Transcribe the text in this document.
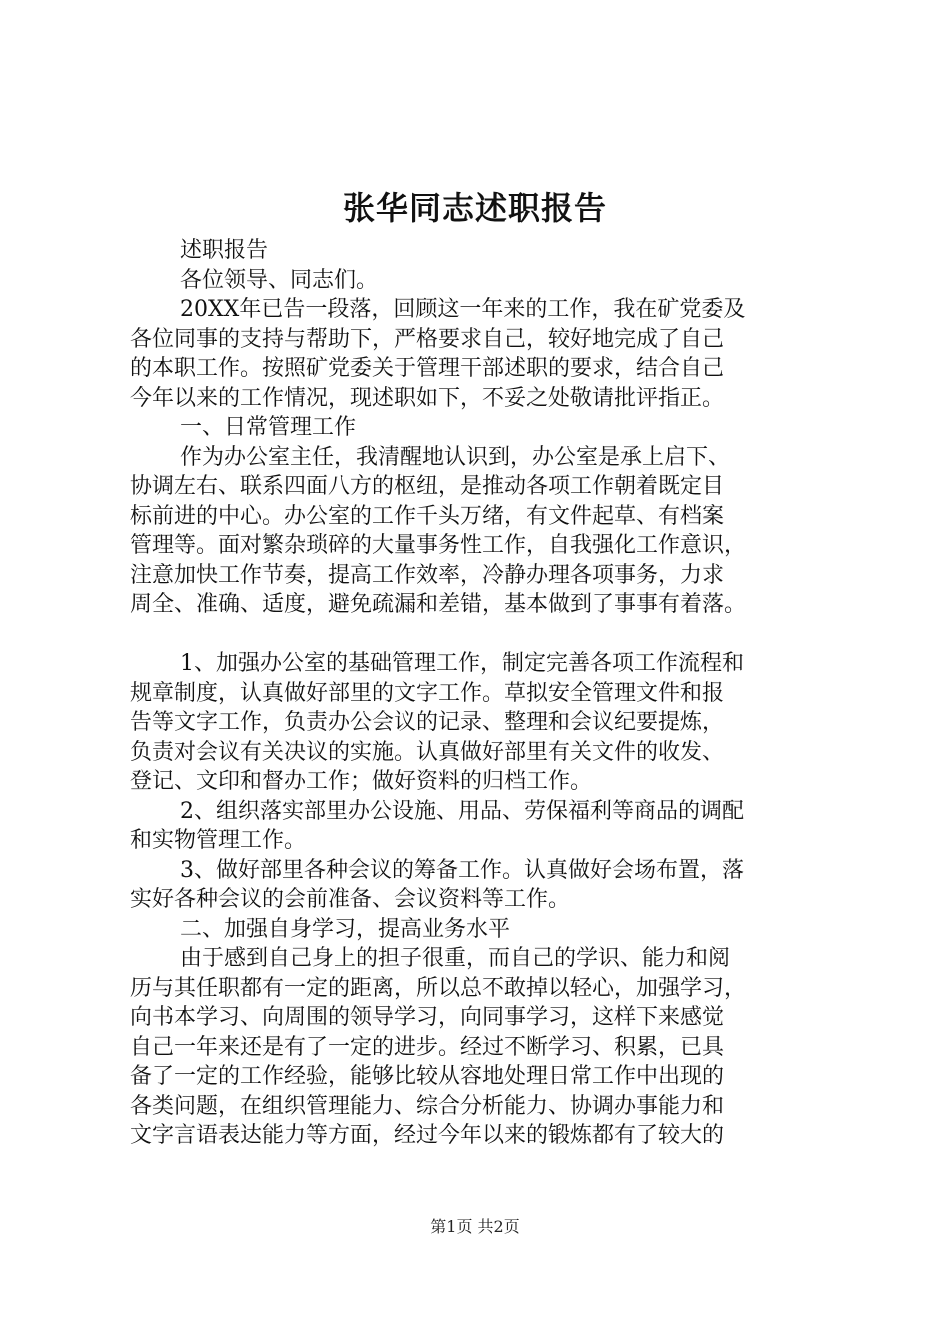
张华同志述职报告
述职报告
各位领导、同志们。
20XX年已告一段落，回顾这一年来的工作，我在矿党委及
各位同事的支持与帮助下，严格要求自己，较好地完成了自己
的本职工作。按照矿党委关于管理干部述职的要求，结合自己
今年以来的工作情况，现述职如下，不妥之处敬请批评指正。
一、日常管理工作
作为办公室主任，我清醒地认识到，办公室是承上启下、
协调左右、联系四面八方的枢纽，是推动各项工作朝着既定目
标前进的中心。办公室的工作千头万绪，有文件起草、有档案
管理等。面对繁杂琐碎的大量事务性工作，自我强化工作意识，
注意加快工作节奏，提高工作效率，冷静办理各项事务，力求
周全、准确、适度，避免疏漏和差错，基本做到了事事有着落。
1、加强办公室的基础管理工作，制定完善各项工作流程和
规章制度，认真做好部里的文字工作。草拟安全管理文件和报
告等文字工作，负责办公会议的记录、整理和会议纪要提炼，
负责对会议有关决议的实施。认真做好部里有关文件的收发、
登记、文印和督办工作；做好资料的归档工作。
2、组织落实部里办公设施、用品、劳保福利等商品的调配
和实物管理工作。
3、做好部里各种会议的筹备工作。认真做好会场布置，落
实好各种会议的会前准备、会议资料等工作。
二、加强自身学习，提高业务水平
由于感到自己身上的担子很重，而自己的学识、能力和阅
历与其任职都有一定的距离，所以总不敢掉以轻心，加强学习，
向书本学习、向周围的领导学习，向同事学习，这样下来感觉
自己一年来还是有了一定的进步。经过不断学习、积累，已具
备了一定的工作经验，能够比较从容地处理日常工作中出现的
各类问题，在组织管理能力、综合分析能力、协调办事能力和
文字言语表达能力等方面，经过今年以来的锻炼都有了较大的
第1页 共2页
